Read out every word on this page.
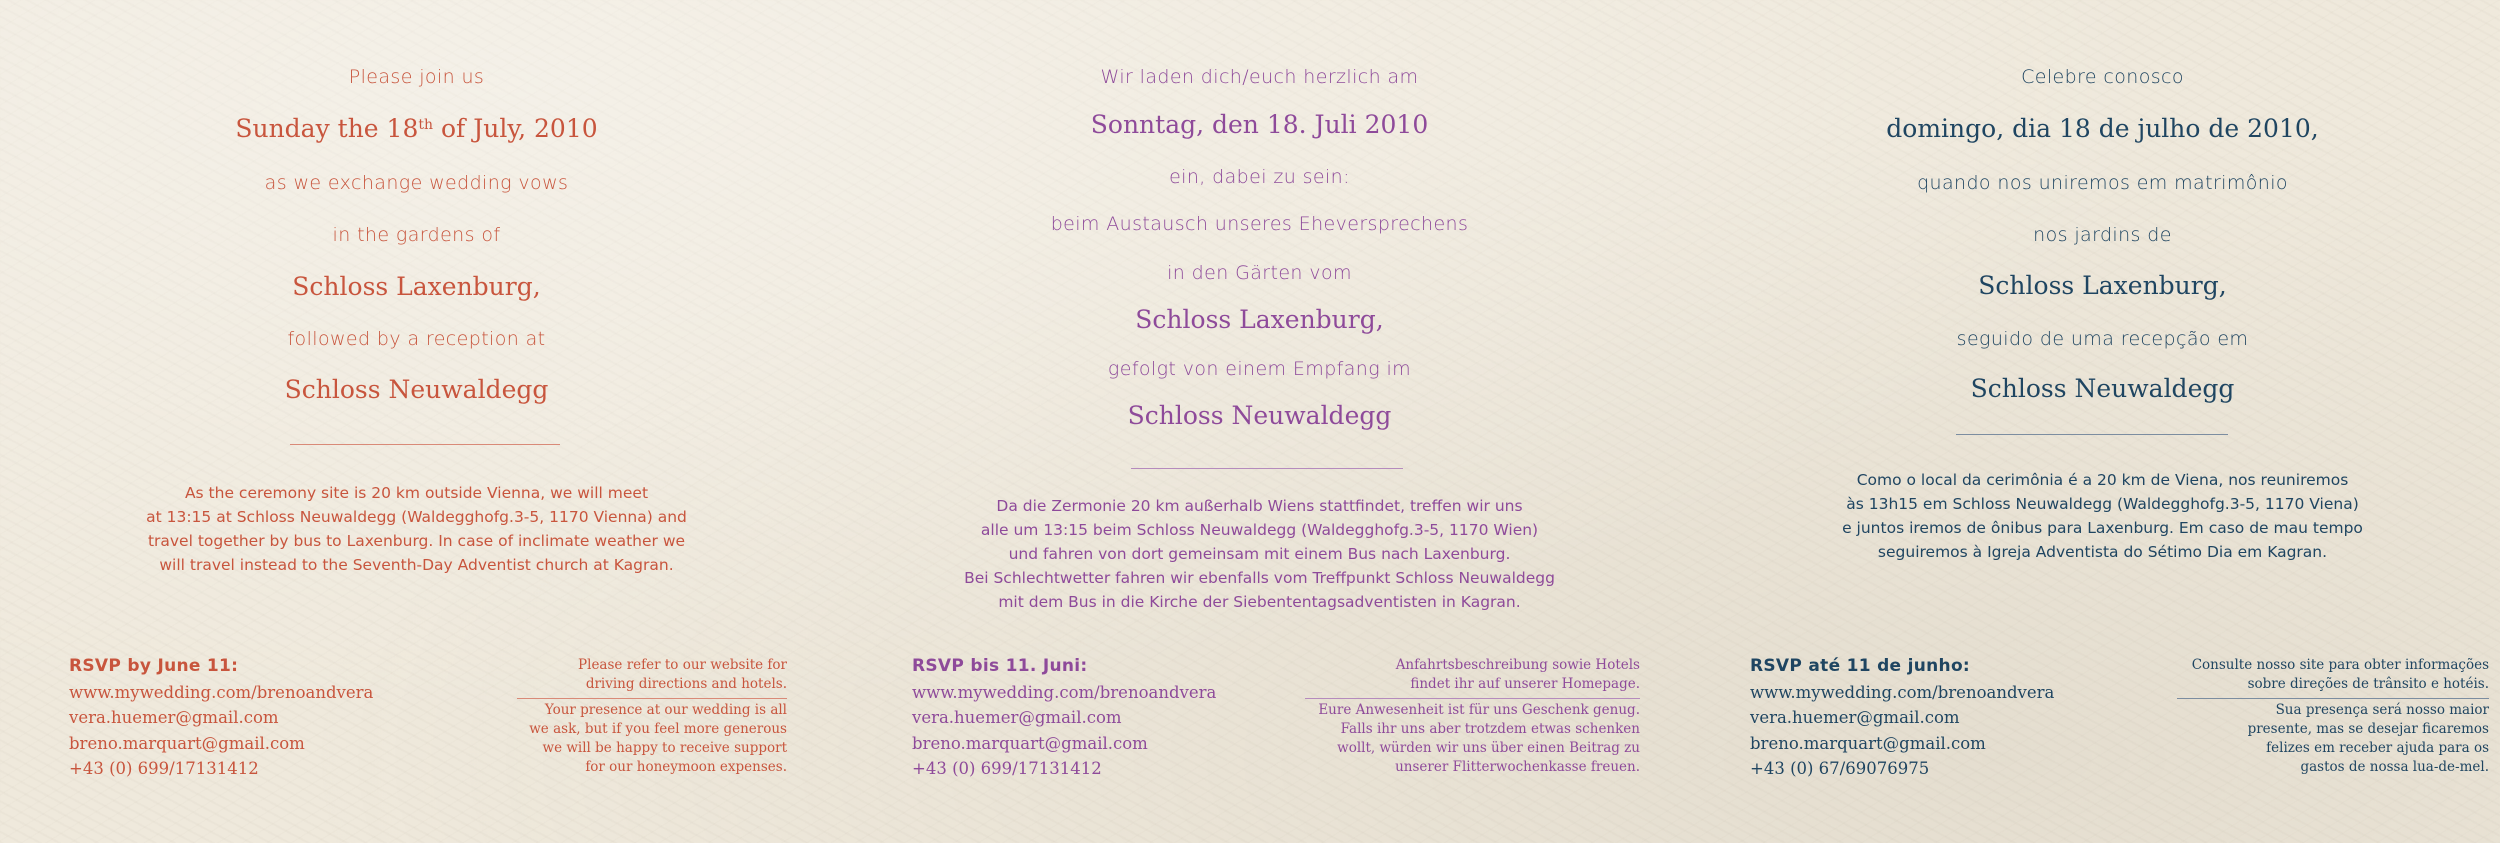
Please join us
Sunday the 18th of July, 2010
as we exchange wedding vows
in the gardens of
Schloss Laxenburg,
followed by a reception at
Schloss Neuwaldegg
As the ceremony site is 20 km outside Vienna, we will meet
at 13:15 at Schloss Neuwaldegg (Waldegghofg.3-5, 1170 Vienna) and
travel together by bus to Laxenburg. In case of inclimate weather we
will travel instead to the Seventh-Day Adventist church at Kagran.
RSVP by June 11:
www.mywedding.com/brenoandvera
vera.huemer@gmail.com
breno.marquart@gmail.com
+43 (0) 699/17131412
Please refer to our website for
driving directions and hotels.
Your presence at our wedding is all
we ask, but if you feel more generous
we will be happy to receive support
for our honeymoon expenses.
Wir laden dich/euch herzlich am
Sonntag, den 18. Juli 2010
ein, dabei zu sein:
beim Austausch unseres Eheversprechens
in den Gärten vom
Schloss Laxenburg,
gefolgt von einem Empfang im
Schloss Neuwaldegg
Da die Zermonie 20 km außerhalb Wiens stattfindet, treffen wir uns
alle um 13:15 beim Schloss Neuwaldegg (Waldegghofg.3-5, 1170 Wien)
und fahren von dort gemeinsam mit einem Bus nach Laxenburg.
Bei Schlechtwetter fahren wir ebenfalls vom Treffpunkt Schloss Neuwaldegg
mit dem Bus in die Kirche der Siebententagsadventisten in Kagran.
RSVP bis 11. Juni:
www.mywedding.com/brenoandvera
vera.huemer@gmail.com
breno.marquart@gmail.com
+43 (0) 699/17131412
Anfahrtsbeschreibung sowie Hotels
findet ihr auf unserer Homepage.
Eure Anwesenheit ist für uns Geschenk genug.
Falls ihr uns aber trotzdem etwas schenken
wollt, würden wir uns über einen Beitrag zu
unserer Flitterwochenkasse freuen.
Celebre conosco
domingo, dia 18 de julho de 2010,
quando nos uniremos em matrimônio
nos jardins de
Schloss Laxenburg,
seguido de uma recepção em
Schloss Neuwaldegg
Como o local da cerimônia é a 20 km de Viena, nos reuniremos
às 13h15 em Schloss Neuwaldegg (Waldegghofg.3-5, 1170 Viena)
e juntos iremos de ônibus para Laxenburg. Em caso de mau tempo
seguiremos à Igreja Adventista do Sétimo Dia em Kagran.
RSVP até 11 de junho:
www.mywedding.com/brenoandvera
vera.huemer@gmail.com
breno.marquart@gmail.com
+43 (0) 67/69076975
Consulte nosso site para obter informações
sobre direções de trânsito e hotéis.
Sua presença será nosso maior
presente, mas se desejar ficaremos
felizes em receber ajuda para os
gastos de nossa lua-de-mel.
